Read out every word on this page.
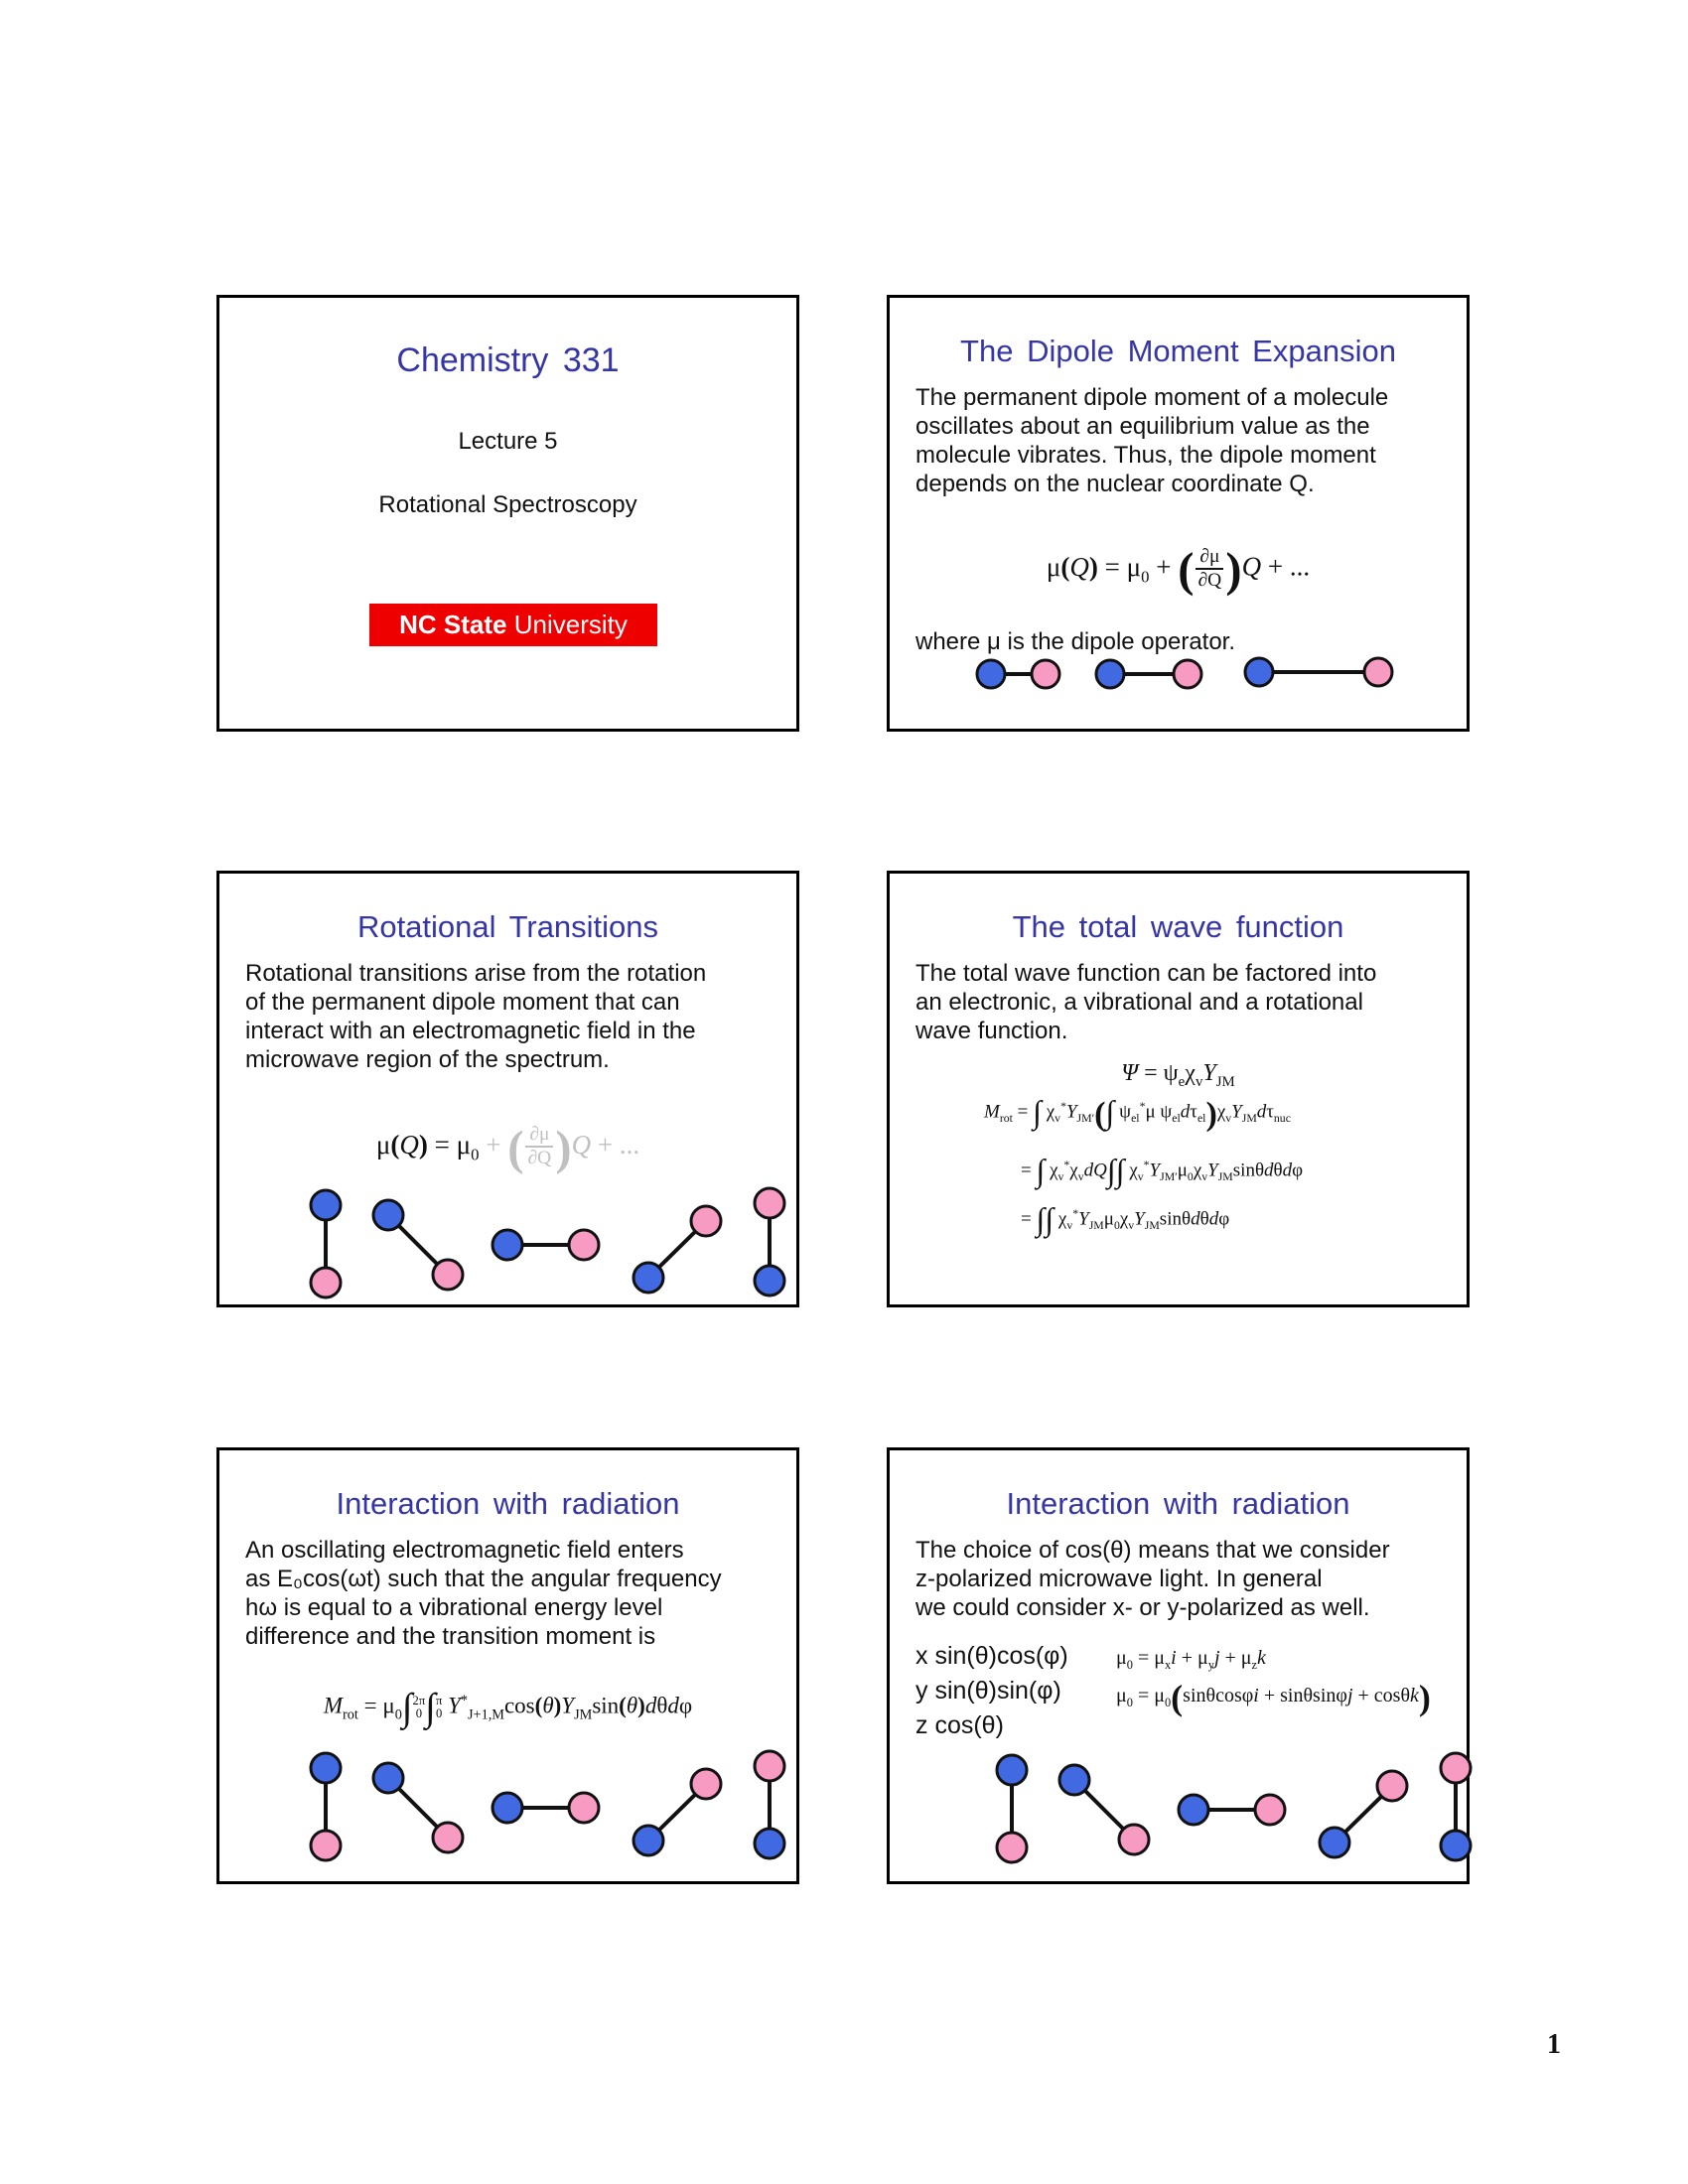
Chemistry 331
Lecture 5
Rotational Spectroscopy
NC State University
The Dipole Moment Expansion
The permanent dipole moment of a molecule
oscillates about an equilibrium value as the
molecule vibrates. Thus, the dipole moment
depends on the nuclear coordinate Q.
$\mu(Q) = \mu_0$ + ( $\frac{\partial\mu}{\partial Q} )Q$ + ...
where μ is the dipole operator.
Rotational Transitions
Rotational transitions arise from the rotation
of the permanent dipole moment that can
interact with an electromagnetic field in the
microwave region of the spectrum.
$\mu(Q) = \mu_0$ + ( $\frac{\partial\mu}{\partial Q} )Q$ + ...
The total wave function
The total wave function can be factored into
an electronic, a vibrational and a rotational
wave function.
$\Psi = \psi_e\chi_vY_{JM}$
$M_{rot}$ = ∫ $\chi_v^*Y_{JM'}(\int$ $\psi_{el}^*\mu$ $\psi_{el}d\tau_{el})\chi_vY_{JM}d\tau_{nuc}$
= ∫ $\chi_v^*\chi_vdQ\int\int$ $\chi_v^*Y_{JM'}\mu_0\chi_vY_{JM}\sin\theta d\theta d\varphi$
= ∫∫ $\chi_v^*Y_{JM}\mu_0\chi_vY_{JM}\sin\theta d\theta d\varphi$
Interaction with radiation
An oscillating electromagnetic field enters
as E₀cos(ωt) such that the angular frequency
hω is equal to a vibrational energy level
difference and the transition moment is
$M_{rot} = \mu_0\int$ 2π
0 ∫ π
0 $Y^*_{J+1,M}\cos(\theta)Y_{JM}\sin(\theta)d\theta d\varphi$
Interaction with radiation
The choice of cos(θ) means that we consider
z-polarized microwave light. In general
we could consider x- or y-polarized as well.
x sin(θ)cos(φ)
y sin(θ)sin(φ)
z cos(θ)
$\mu_0 = \mu_xi + \mu_yj + \mu_zk$
$\mu_0 = \mu_0(\sin\theta\cos\varphi i + \sin\theta\sin\varphi j + \cos\theta k)$
1
